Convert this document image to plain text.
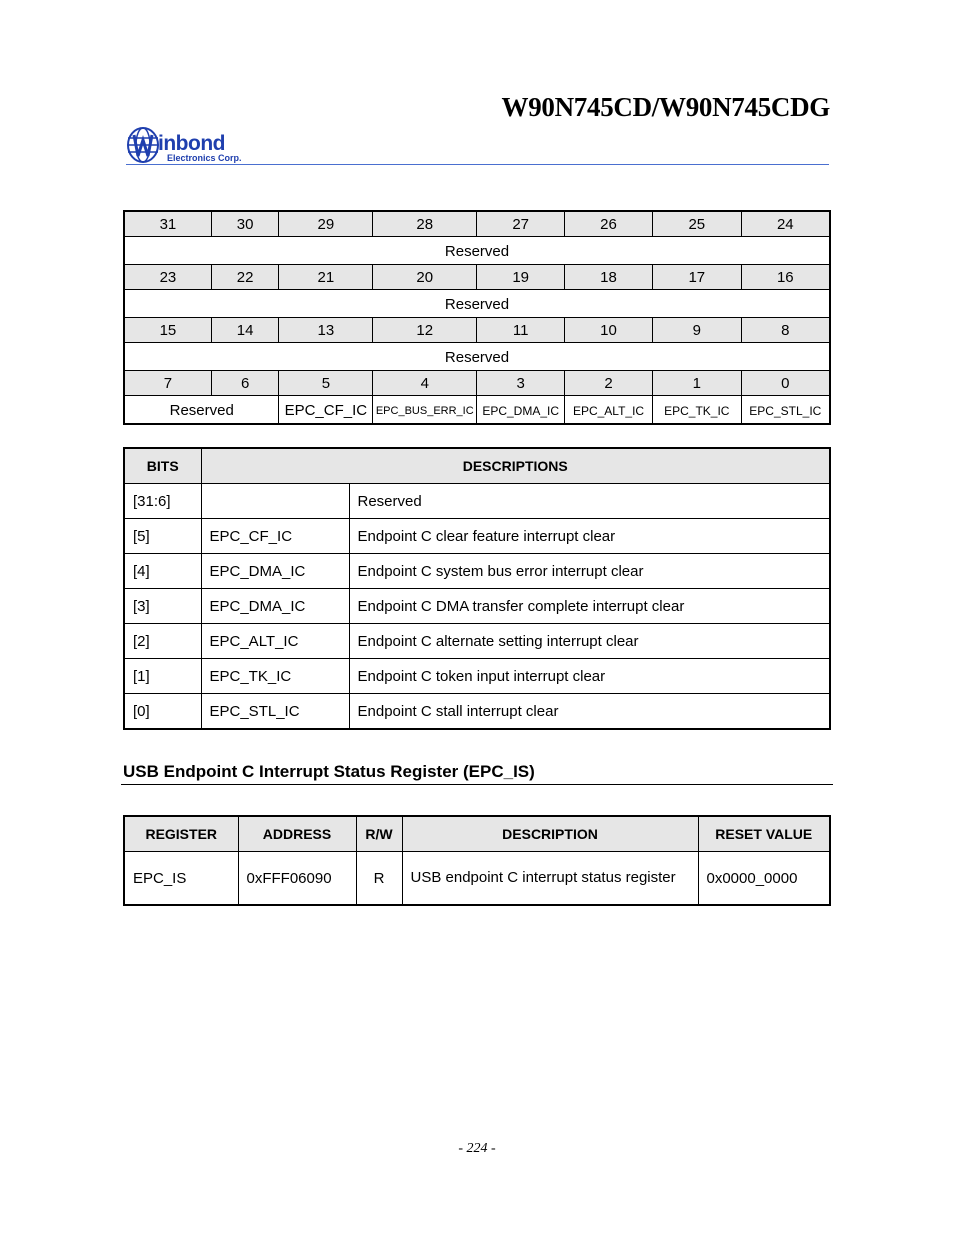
W90N745CD/W90N745CDG
inbond
Electronics Corp.
31	30	29	28	27	26	25	24
Reserved							
23	22	21	20	19	18	17	16
Reserved							
15	14	13	12	11	10	9	8
Reserved							
7	6	5	4	3	2	1	0
Reserved		EPC_CF_IC	EPC_BUS_ERR_IC	EPC_DMA_IC	EPC_ALT_IC	EPC_TK_IC	EPC_STL_IC
BITS	DESCRIPTIONS	
[31:6]		Reserved
[5]	EPC_CF_IC	Endpoint C clear feature interrupt clear
[4]	EPC_DMA_IC	Endpoint C system bus error interrupt clear
[3]	EPC_DMA_IC	Endpoint C DMA transfer complete interrupt clear
[2]	EPC_ALT_IC	Endpoint C alternate setting interrupt clear
[1]	EPC_TK_IC	Endpoint C token input interrupt clear
[0]	EPC_STL_IC	Endpoint C stall interrupt clear
USB Endpoint C Interrupt Status Register (EPC_IS)
REGISTER	ADDRESS	R/W	DESCRIPTION	RESET VALUE
EPC_IS	0xFFF06090	R	USB endpoint C interrupt status register	0x0000_0000
- 224 -
